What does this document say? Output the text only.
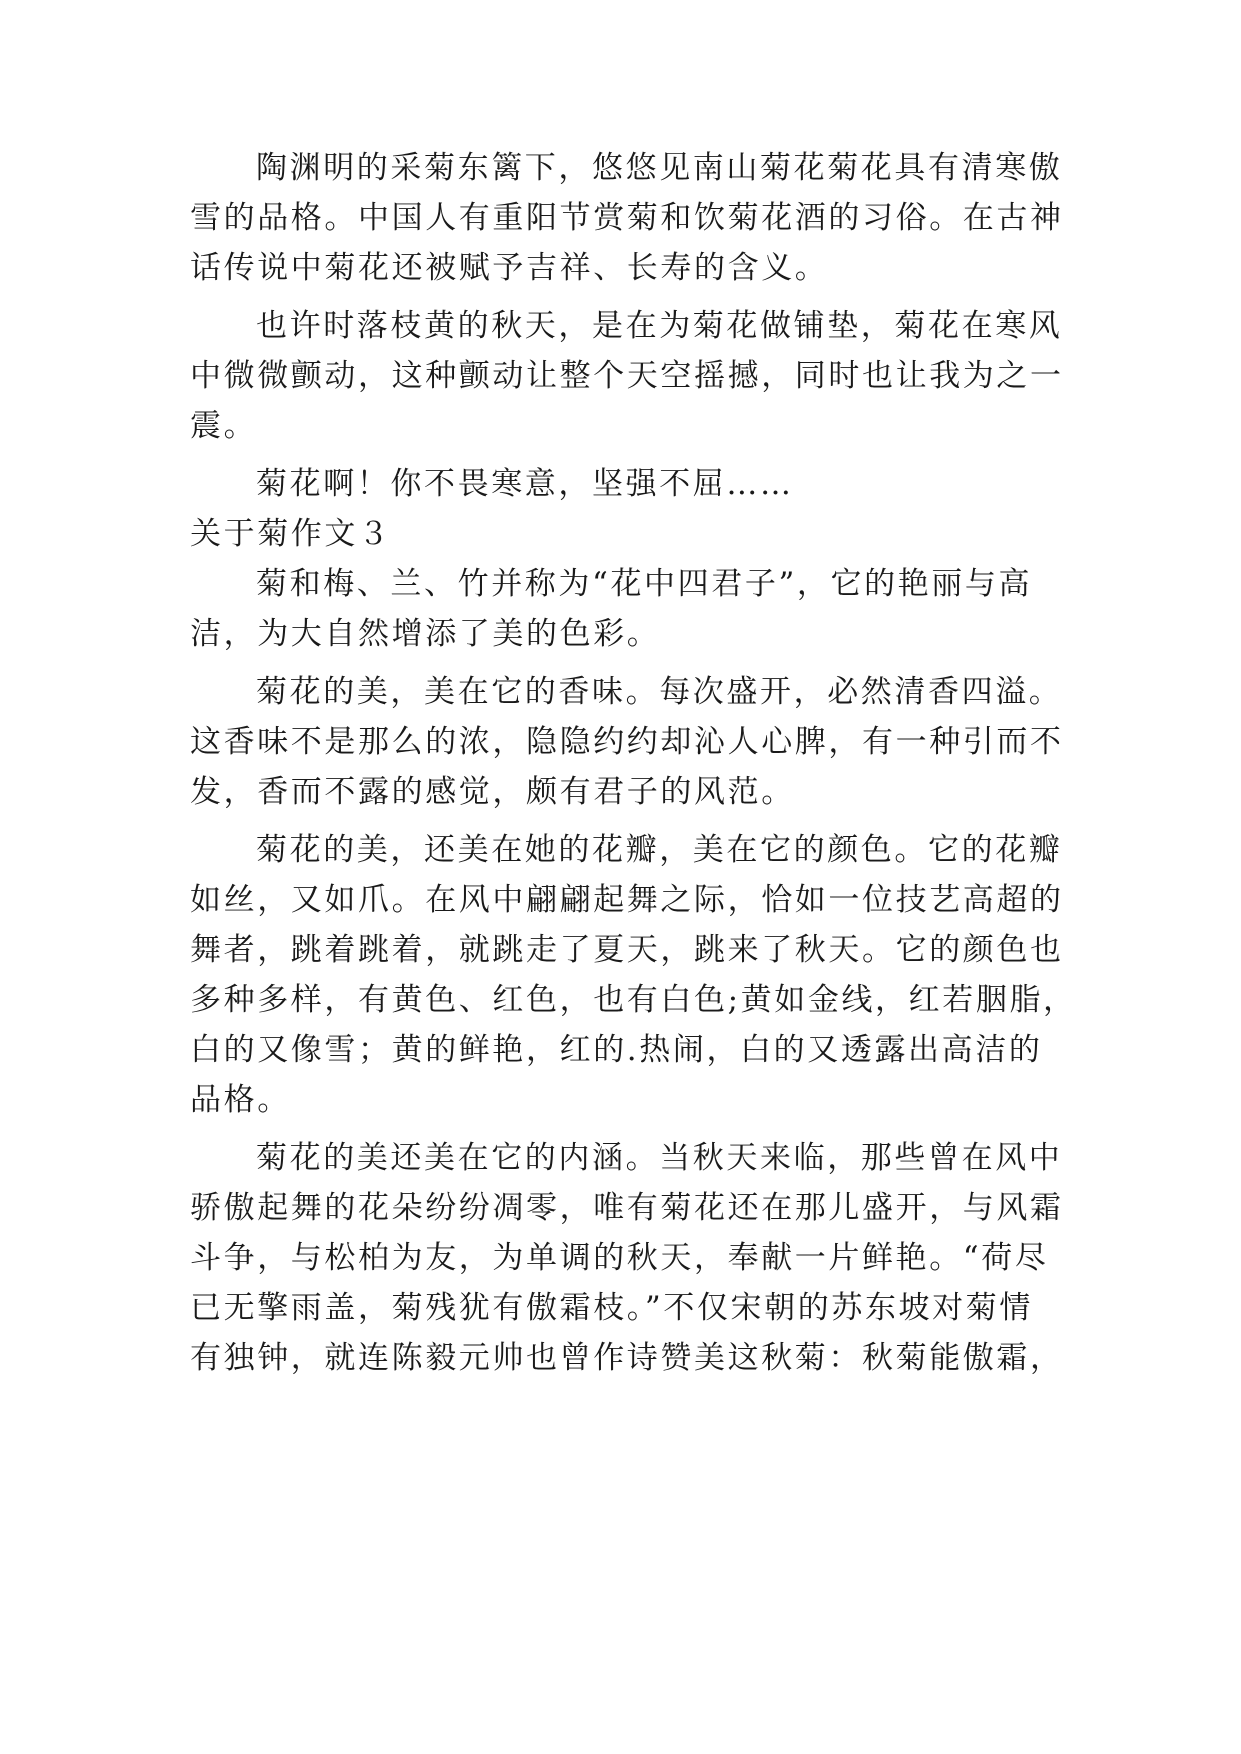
陶渊明的采菊东篱下，悠悠见南山菊花菊花具有清寒傲
雪的品格。中国人有重阳节赏菊和饮菊花酒的习俗。在古神
话传说中菊花还被赋予吉祥、长寿的含义。
也许时落枝黄的秋天，是在为菊花做铺垫，菊花在寒风
中微微颤动，这种颤动让整个天空摇撼，同时也让我为之一
震。
菊花啊！你不畏寒意，坚强不屈……
关于菊作文３
菊和梅、兰、竹并称为“花中四君子”，它的艳丽与高
洁，为大自然增添了美的色彩。
菊花的美，美在它的香味。每次盛开，必然清香四溢。
这香味不是那么的浓，隐隐约约却沁人心脾，有一种引而不
发，香而不露的感觉，颇有君子的风范。
菊花的美，还美在她的花瓣，美在它的颜色。它的花瓣
如丝，又如爪。在风中翩翩起舞之际，恰如一位技艺高超的
舞者，跳着跳着，就跳走了夏天，跳来了秋天。它的颜色也
多种多样，有黄色、红色，也有白色;黄如金线，红若胭脂，
白的又像雪；黄的鲜艳，红的.热闹，白的又透露出高洁的
品格。
菊花的美还美在它的内涵。当秋天来临，那些曾在风中
骄傲起舞的花朵纷纷凋零，唯有菊花还在那儿盛开，与风霜
斗争，与松柏为友，为单调的秋天，奉献一片鲜艳。“荷尽
已无擎雨盖，菊残犹有傲霜枝。”不仅宋朝的苏东坡对菊情
有独钟，就连陈毅元帅也曾作诗赞美这秋菊：秋菊能傲霜，
